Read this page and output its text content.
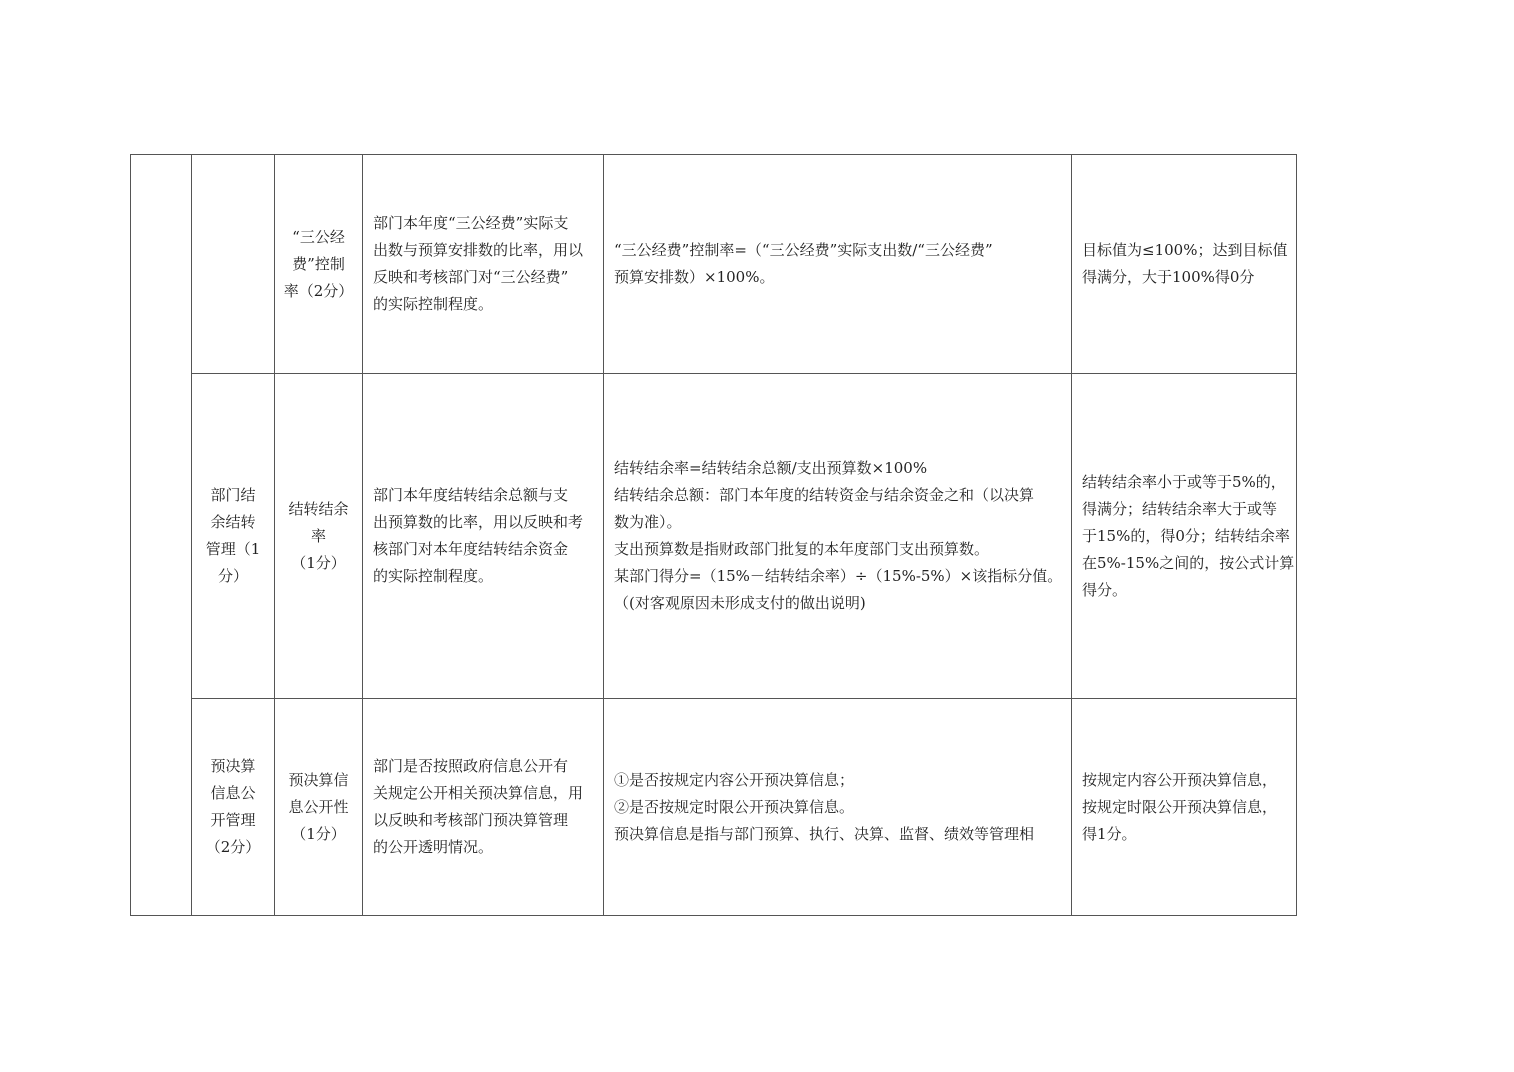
“三公经
费”控制
率（2分）
部门本年度“三公经费”实际支
出数与预算安排数的比率，用以
反映和考核部门对“三公经费”
的实际控制程度。
“三公经费”控制率=（“三公经费”实际支出数/“三公经费”
预算安排数）×100%。
目标值为≤100%；达到目标值
得满分，大于100%得0分
部门结
余结转
管理（1
分）
结转结余
率
（1分）
部门本年度结转结余总额与支
出预算数的比率，用以反映和考
核部门对本年度结转结余资金
的实际控制程度。
结转结余率=结转结余总额/支出预算数×100%
结转结余总额：部门本年度的结转资金与结余资金之和（以决算
数为准）。
支出预算数是指财政部门批复的本年度部门支出预算数。
某部门得分=（15%－结转结余率）÷（15%-5%）×该指标分值。
（(对客观原因未形成支付的做出说明)
结转结余率小于或等于5%的，
得满分；结转结余率大于或等
于15%的，得0分；结转结余率
在5%-15%之间的，按公式计算
得分。
预决算
信息公
开管理
（2分）
预决算信
息公开性
（1分）
部门是否按照政府信息公开有
关规定公开相关预决算信息，用
以反映和考核部门预决算管理
的公开透明情况。
①是否按规定内容公开预决算信息；
②是否按规定时限公开预决算信息。
预决算信息是指与部门预算、执行、决算、监督、绩效等管理相
按规定内容公开预决算信息，
按规定时限公开预决算信息，
得1分。
